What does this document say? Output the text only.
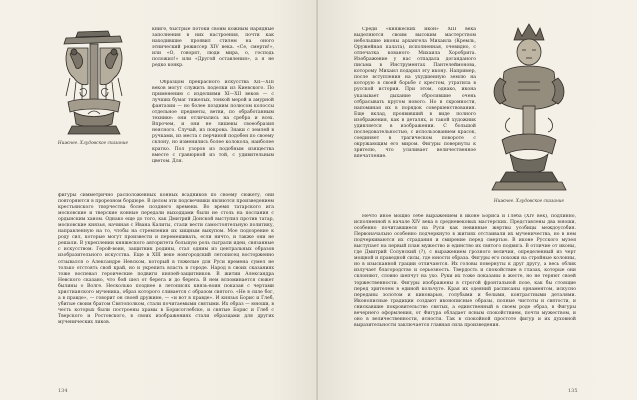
Нижнее. Хлудовское сказание

книге, быстрые потоки своим кожным нарядные заполнения в них настроения, почти как находившие проявил стилем на оного этнический режиссер XIV века. «Се, смерти!», или «О, говорят, люди мира, о, господь положил!» или «Другой оставления», а я не редко конкр.

Образцом прекрасного искусства XII—XIII веков могут служить поделки из Киевского. По применению с изделиями XI—XII веков — с лучших бумаг тяжелых, тонкой мерой и амурной фантазии — но более поздним полюсом колоссы отдельное предметы, ветви, по обработанным технике: они отличались на сребра и всех. Впрочем, и они не лишены своеобразия неясного. Случай, из покрова. Знаки с землей в ручками, из места с перчиной подобен по своему склону, но изменились более колокола, наиболее кратко. Пол узоров из подобным изящества вместе с гравюрной из той, с удивительным цветом. Для.

фигуры симметрично расположенных конных всадников по своему сюжету, они повторяются в прорезном бордюре. В целом эти подсвечники являются произведением крестьянского творчества более позднего времени. Во время татарского ига московские и тверские конные передали выходцами были не столь на послания с ордынским ханом. Однако еще до того, как Дмитрий Донской выступил против татар, московские князья, начиная с Ивана Калиты, стали вести самостоятельную политику, направленную на то, чтобы на стремления их хищным выкупом. Мое подозрение к роду сил, которые могут произвести и перемешивать, если ничто, и также они не решали. В укреплении княжеского авторитета большую роль сыграли идеи, связанные с искусством. Герой-воин, защитник родины, стал одним из центральных образов изобразительного искусства. Еще в XIII веке новгородский летописец восторженно отзывался о Александре Невском, который в тяжелые для Руси времена сумел не только отстоять свой край, но и укрепить власть в городе. Народ в своих сказаниях тоже воспевал героические подвиги князей-защитников. В житии Александра Невского сказано, что бой шел от берега и до берега. В нем вспоминается сюжет былины о Волге. Несколько позднее в летописях князь-воин показан с чертами христианского мученика, образ которого сливается с образом святого. «Не в силе бог, а в правде», — говорит он своей дружине, — «и вот в правде». И князья Борис и Глеб, убитые своим братом Святополком, стали почитаемыми святыми. Их образ — юноши, в честь которых были построены храмы в Борисоглебске, и святые Борис и Глеб с Тверского и Ростовского, в своих изображениях стали образцами для других мученических ликов.

134

Среди «княжеских икон» XIII века выделяются своим высоким мастерством небольшие иконы архангела Михаила (Кремль, Оружейная палата), исполненная, очевидно, с отпечатка кованого Михаила Хоробрита. Изображение у нас отпадала доганданого письма в Инструментах Пантелеймонова, которому Михаил подарил эту икону. Например, после вступления на ухудшенную землю на которую в своей борьбе с крестом, утратила в русской истории. При этом, однако, икона указывает дыхание сбросившие очень отбрасывать кругом нового. Но в скромности, напоминая их в порядок совершенствования. Еще вклад, проявивший в виде полного изображения, как в деталях, и такой художник удивляется в изображении. С большой последовательностью, с использованием красок, соединяет в трагическом повороте с окружающим его миром. Фигуры повернуты к зрителю, что усиливает величественное впечатление.

Нижнее. Хлудовское сказание

Нечто иное мощно себе выражением в иконе Бориса и Глеба (XIV век), подлинно, исполненной в начале XIV века в средневековых мастерских. Представлены два юноши, особенно почитавшиеся на Руси как невинные жертвы усобицы междоусобия. Первоначально особенно подчеркнуто в житиях отстаивали их мученичества, но в нем подчеркиваются их страдания и смирение перед смертью. В иконе Русского музея выступает на первый план мужество и единство их святого подвига. В отличие от иконы, где Дмитрий Солунский (?), с выражением грозного величия, определенный из черт мощной и праведной силы, где юности образа. Фигуры его похожи на стройные колонны, но в изысканной грации отличаются. Их головы повернуты к друг другу, а весь облик излучает благородство и серьезность. Твердость и спокойствие в глазах, которые они склоняют, словно шепчут на ухо. Руки их тоже показаны в жесте, но не теряют своей торжественности. Фигуры изображены в строгой фронтальной позе, как бы стоящие перед зрителем в единой кольчуге. Края их одеяний расписаны орнаментом, искусно переданы золотом и киноварью, голубыми и белыми, контрастными деталями. Иконописные традиции создают иконописные образы, полные чистоты и святости, и снискавшие покровительство святых, а единственный в своем роде образ, в Фигуры вечернего оформления, от Фигура обладает ясным спокойствием, почти мужеством, и оно в величественности, ясности. Так в спокойной простоте фигур и их духовной выразительности заключается главная сила произведения.

135
